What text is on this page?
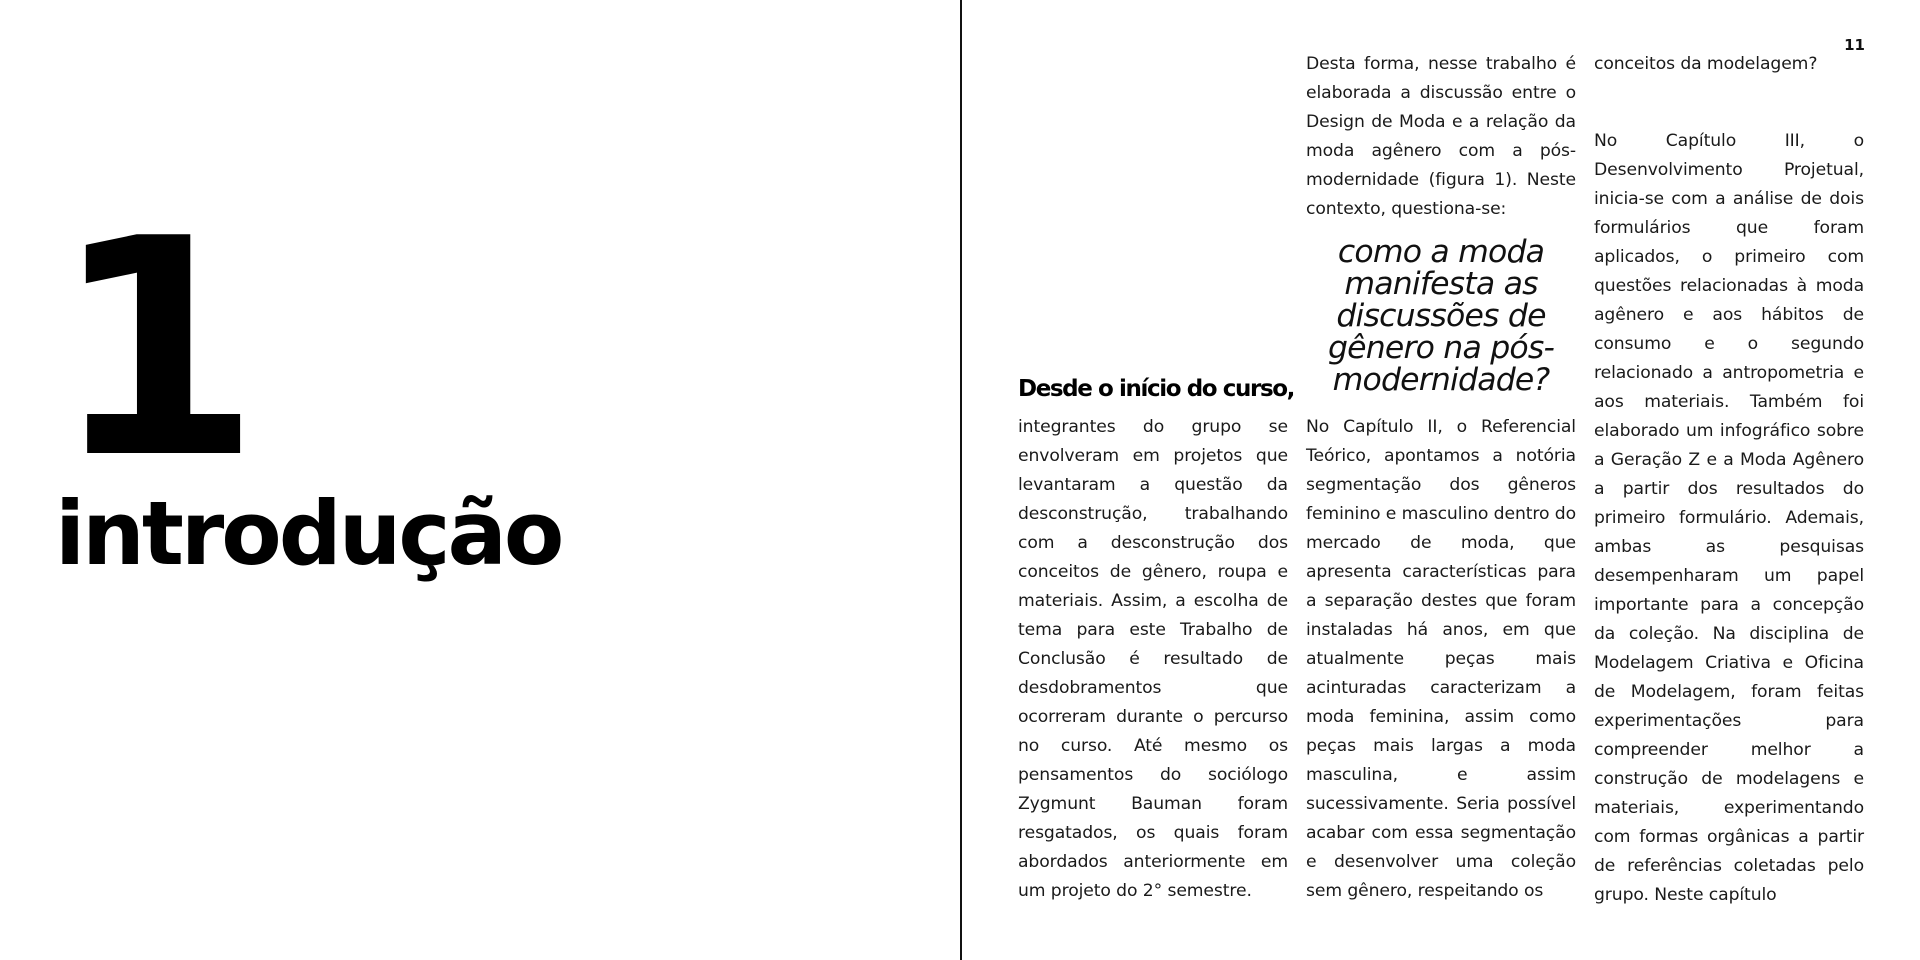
1
introdução
11
Desde o início do curso,

integrantes do grupo se envolveram em projetos que levantaram a questão da desconstrução, trabalhando com a desconstrução dos conceitos de gênero, roupa e materiais. Assim, a escolha de tema para este Trabalho de Conclusão é resultado de desdobramentos que ocorreram durante o percurso no curso. Até mesmo os pensamentos do sociólogo Zygmunt Bauman foram resgatados, os quais foram abordados anteriormente em um projeto do 2° semestre.

Desta forma, nesse trabalho é elaborada a discussão entre o Design de Moda e a relação da moda agênero com a pós-modernidade (figura 1). Neste contexto, questiona-se:

como a moda manifesta as discussões de gênero na pós-modernidade?

No Capítulo II, o Referencial Teórico, apontamos a notória segmentação dos gêneros feminino e masculino dentro do mercado de moda, que apresenta características para a separação destes que foram instaladas há anos, em que atualmente peças mais acinturadas caracterizam a moda feminina, assim como peças mais largas a moda masculina, e assim sucessivamente. Seria possível acabar com essa segmentação e desenvolver uma coleção sem gênero, respeitando os

conceitos da modelagem?

No Capítulo III, o Desenvolvimento Projetual, inicia-se com a análise de dois formulários que foram aplicados, o primeiro com questões relacionadas à moda agênero e aos hábitos de consumo e o segundo relacionado a antropometria e aos materiais. Também foi elaborado um infográfico sobre a Geração Z e a Moda Agênero a partir dos resultados do primeiro formulário. Ademais, ambas as pesquisas desempenharam um papel importante para a concepção da coleção. Na disciplina de Modelagem Criativa e Oficina de Modelagem, foram feitas experimentações para compreender melhor a construção de modelagens e materiais, experimentando com formas orgânicas a partir de referências coletadas pelo grupo. Neste capítulo
